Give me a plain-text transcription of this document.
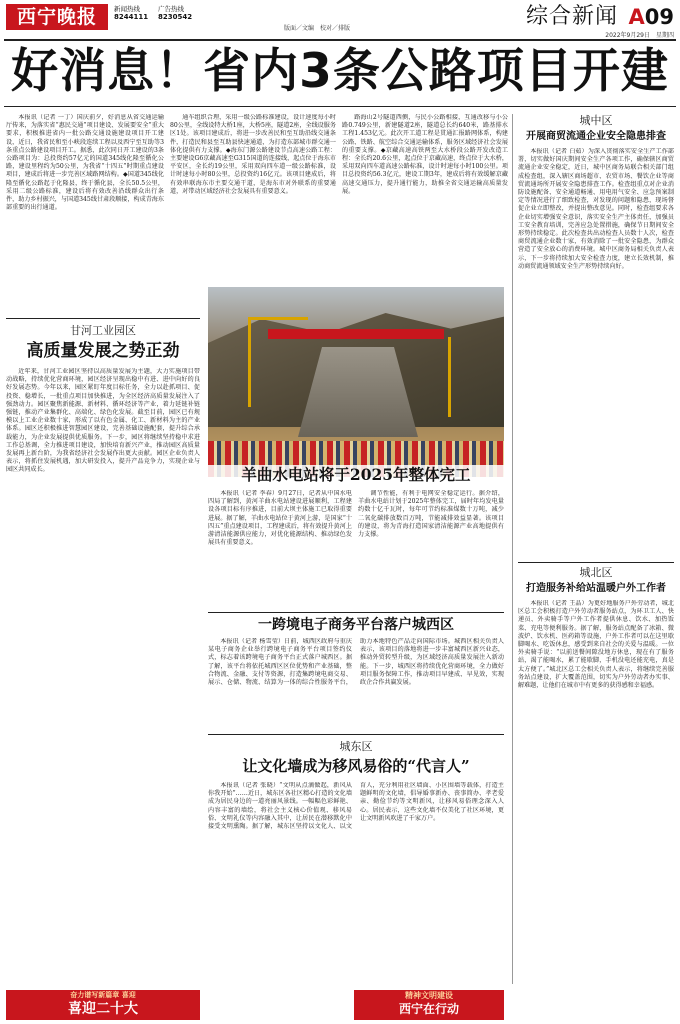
西宁晚报	新闻热线
8244111
广告热线
8230542
版面／文编　校对／排版	综合新闻 A09
2022年9月29日　星期四
好消息！省内3条公路项目开建

本报讯（记者 一丁）国庆前夕，好消息从省交通运输厅传来，为落实省“惠民交通”项目建设、发展要安全”重大要求，积极推进省内一批公路交通设施建设项目开工建设，近日，我省民和至小峡段连续工程以及西宁至互助等3条重点公路建设项目开工。据悉，此次同日开工建设的3条公路项目为：总投资约57亿元的国道345线化隆至循化公路，建设里程约为50公里，为我省“十四五”时期重点建设项目，建成后将进一步完善区域路网结构。◆国道345线化隆至循化公路起于化隆县，终于循化县，全长50.5公里，采用二级公路标准，建设后将有效改善沿线群众出行条件，助力乡村振兴，与国道345线甘肃段顺接，构成青海东部重要的出行通道。

通车组织合理，采用一级公路标准建设，设计速度每小时80公里，全线设特大桥1座，大桥5座，隧道2座，全线设服务区1处。该项目建成后，将进一步改善民和至互助沿线交通条件，打造民和县至互助县快速通道，为打造东部城市群交通一体化提供有力支撑。◆海东门源公路建设节点高速公路工程：主要建设G6京藏高速至G315国道的连接线，起点位于海东市平安区，全长约19公里，采用双向四车道一级公路标准，设计时速每小时80公里，总投资约16亿元。该项目建成后，将有效串联海东市主要交通干道，是海东市对外联系的重要通道，对带动区域经济社会发展具有重要意义。

路海山2号隧道西侧，与民小公路相接，互通改移与小公路0.749公里，新建隧道2座，隧道总长约640米，路基排水工程1.453亿元。此次开工道工程是贯通汇报路网体系，构建公路、铁路、航空综合交通运输体系，服务区域经济社会发展的重要支撑。◆京藏高速高铁两至大水桥段公路开发改造工程：全长约20.6公里，起点位于京藏高速，终点位于大水桥，采用双向四车道高速公路标准，设计时速每小时100公里。项目总投资约56.3亿元，建设工期3年，建成后将有效缓解京藏高速交通压力，提升通行能力，助推全省交通运输高质量发展。

甘河工业园区
高质量发展之势正劲

近年来，甘河工业园区坚持以高质量发展为主题，大力实施项目带动战略，持续优化营商环境，园区经济呈现出稳中有进、进中向好的良好发展态势。今年以来，园区紧盯年度目标任务，全力以赴抓项目、促投资、稳增长，一批重点项目加快推进，为全区经济高质量发展注入了强劲动力。园区聚焦新能源、新材料、循环经济等产业，着力延链补链强链，推动产业集群化、高端化、绿色化发展。截至目前，园区已有规模以上工业企业数十家，形成了以有色金属、化工、新材料为主的产业体系。园区还积极推进智慧园区建设，完善基础设施配套，提升综合承载能力，为企业发展提供优质服务。下一步，园区将继续坚持稳中求进工作总基调，全力推进项目建设，加快培育新兴产业，推动园区高质量发展再上新台阶，为我省经济社会发展作出更大贡献。园区企业负责人表示，将抓住发展机遇，加大研发投入，提升产品竞争力，实现企业与园区共同成长。	羊曲水电站将于2025年整体完工

本报讯（记者 李春）9月27日，记者从中国水电四局了解到，黄河羊曲水电站建设进展顺利，工程建设各项目标有序推进，目前大坝主体施工已取得重要进展。据了解，羊曲水电站位于黄河上游，是国家“十四五”重点建设项目，工程建成后，将有效提升黄河上游清洁能源供应能力，对优化能源结构、推动绿色发展具有重要意义。

调节性能，有利于电网安全稳定运行。据介绍，羊曲水电站计划于2025年整体完工，届时年均发电量约数十亿千瓦时，每年可节约标准煤数十万吨，减少二氧化碳排放数百万吨，节能减排效益显著。该项目的建设，将为青海打造国家清洁能源产业高地提供有力支撑。

一跨境电子商务平台落户城西区

本报讯（记者 杨雪莹）日前，城西区政府与重庆某电子商务企业举行跨境电子商务平台项目签约仪式，标志着该跨境电子商务平台正式落户城西区。据了解，该平台将依托城西区区位优势和产业基础，整合物流、金融、支付等资源，打造集跨境电商交易、展示、仓储、物流、结算为一体的综合性服务平台，助力本地特色产品走向国际市场。城西区相关负责人表示，该项目的落地将进一步丰富城西区新兴业态，推动外贸转型升级，为区域经济高质量发展注入新动能。下一步，城西区将持续优化营商环境，全力做好项目服务保障工作，推动项目早建成、早见效，实现政企合作共赢发展。

城东区
让文化墙成为移风易俗的“代言人”

本报讯（记者 张晓）“文明从点滴做起，新风从你我开始”……近日，城东区各社区精心打造的文化墙成为居民身边的一道亮丽风景线。一幅幅色彩鲜艳、内容丰富的墙绘，将社会主义核心价值观、移风易俗、文明礼仪等内容融入其中，让居民在潜移默化中接受文明熏陶。据了解，城东区坚持以文化人、以文育人，充分利用社区墙面、小区围墙等载体，打造主题鲜明的文化墙，倡导婚事新办、丧事简办、孝老爱亲、勤俭节约等文明新风，让移风易俗理念深入人心。居民表示，这些文化墙不仅美化了社区环境，更让文明新风吹进了千家万户。

城中区
开展商贸流通企业安全隐患排查

本报讯（记者 白茹）为深入贯彻落实安全生产工作部署，切实做好国庆期间安全生产各项工作，确保辖区商贸流通企业安全稳定，近日，城中区商务局联合相关部门组成检查组，深入辖区商场超市、农贸市场、餐饮企业等商贸流通场所开展安全隐患排查工作。检查组重点对企业消防设施配备、安全通道畅通、用电用气安全、应急预案制定等情况进行了细致检查，对发现的问题和隐患，现场督促企业立即整改，并提出整改意见。同时，检查组要求各企业切实增强安全意识，落实安全生产主体责任，加强员工安全教育培训，完善应急处置措施，确保节日期间安全形势持续稳定。此次检查共出动检查人员数十人次，检查商贸流通企业数十家，有效消除了一批安全隐患，为群众营造了安全放心的消费环境。城中区商务局相关负责人表示，下一步将持续加大安全检查力度，建立长效机制，推动商贸流通领域安全生产形势持续向好。

城北区
打造服务补给站温暖户外工作者

本报讯（记者 王晶）为更好地服务户外劳动者，城北区总工会积极打造户外劳动者服务站点，为环卫工人、快递员、外卖骑手等户外工作者提供休息、饮水、加热饭菜、充电等便利服务。据了解，服务站点配备了冰箱、微波炉、饮水机、医药箱等设施，户外工作者可以在这里歇脚喝水、吃饭休息，感受到来自社会的关爱与温暖。一位外卖骑手说：“以前送餐间隙没地方休息，现在有了服务站，渴了能喝水，累了能歇脚，手机没电还能充电，真是太方便了。”城北区总工会相关负责人表示，将继续完善服务站点建设，扩大覆盖范围，切实为户外劳动者办实事、解难题，让他们在城市中有更多的获得感和幸福感。

奋力谱写新篇章 喜迎
喜迎二十大
精神文明建设
西宁在行动
